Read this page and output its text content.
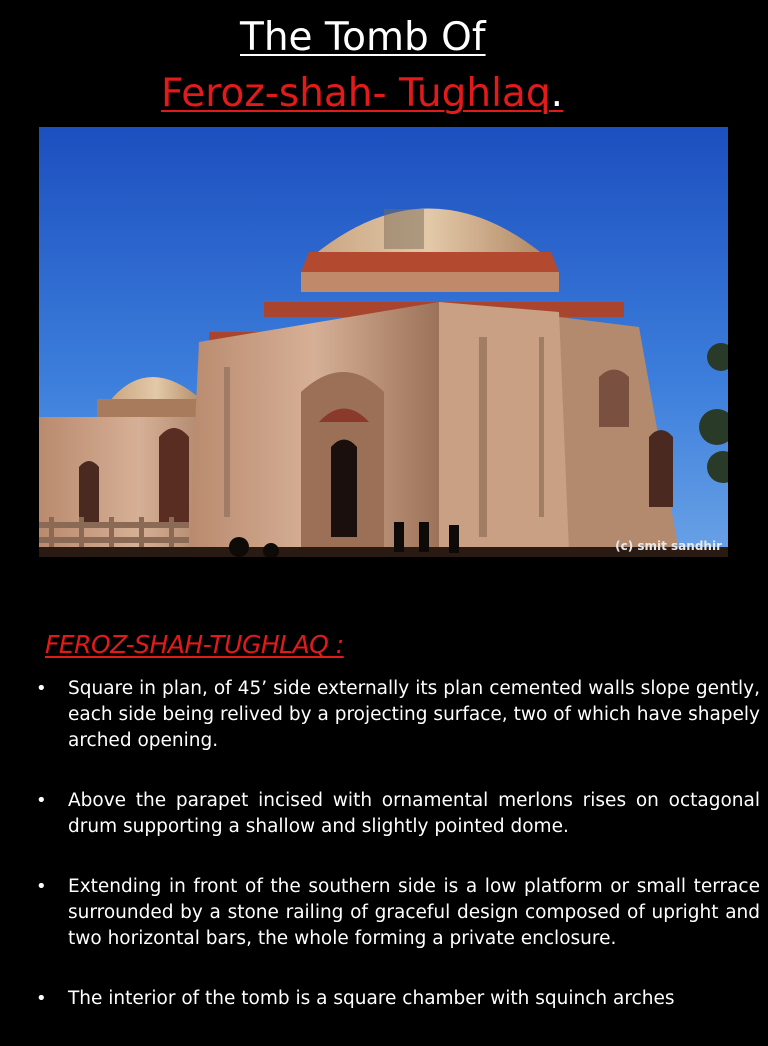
The Tomb Of
Feroz-shah- Tughlaq.
(c) smit sandhir
FEROZ-SHAH-TUGHLAQ :
• Square in plan, of 45’ side externally its plan cemented walls slope gently, each side being relived by a projecting surface, two of which have shapely arched opening.
• Above the parapet incised with ornamental merlons rises on octagonal drum supporting a shallow and slightly pointed dome.
• Extending in front of the southern side is a low platform or small terrace surrounded by a stone railing of graceful design composed of upright and two horizontal bars, the whole forming a private enclosure.
• The interior of the tomb is a square chamber with squinch arches
